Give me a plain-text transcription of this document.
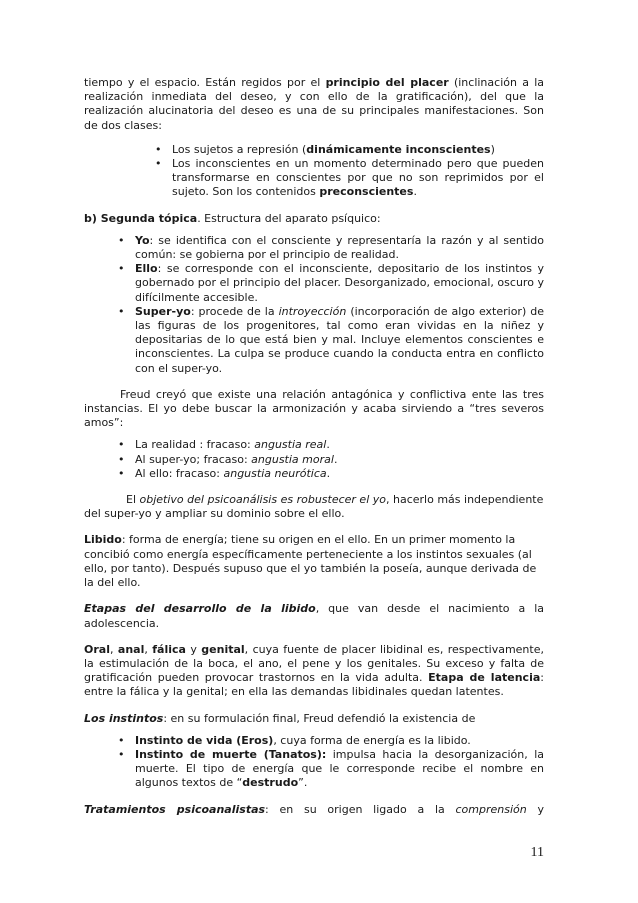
tiempo y el espacio. Están regidos por el principio del placer (inclinación a la realización inmediata del deseo, y con ello de la gratificación), del que la realización alucinatoria del deseo es una de su principales manifestaciones. Son de dos clases:

• Los sujetos a represión (dinámicamente inconscientes)
• Los inconscientes en un momento determinado pero que pueden transformarse en conscientes por que no son reprimidos por el sujeto. Son los contenidos preconscientes.

b) Segunda tópica. Estructura del aparato psíquico:

• Yo: se identifica con el consciente y representaría la razón y al sentido común: se gobierna por el principio de realidad.
• Ello: se corresponde con el inconsciente, depositario de los instintos y gobernado por el principio del placer. Desorganizado, emocional, oscuro y difícilmente accesible.
• Super-yo: procede de la introyección (incorporación de algo exterior) de las figuras de los progenitores, tal como eran vividas en la niñez y depositarias de lo que está bien y mal. Incluye elementos conscientes e inconscientes. La culpa se produce cuando la conducta entra en conflicto con el super-yo.

Freud creyó que existe una relación antagónica y conflictiva ente las tres instancias. El yo debe buscar la armonización y acaba sirviendo a “tres severos amos”:

• La realidad : fracaso: angustia real.
• Al super-yo; fracaso: angustia moral.
• Al ello: fracaso: angustia neurótica.

El objetivo del psicoanálisis es robustecer el yo, hacerlo más independiente del super-yo y ampliar su dominio sobre el ello.

Libido: forma de energía; tiene su origen en el ello. En un primer momento la concibió como energía específicamente perteneciente a los instintos sexuales (al ello, por tanto). Después supuso que el yo también la poseía, aunque derivada de la del ello.

Etapas del desarrollo de la libido, que van desde el nacimiento a la adolescencia.

Oral, anal, fálica y genital, cuya fuente de placer libidinal es, respectivamente, la estimulación de la boca, el ano, el pene y los genitales. Su exceso y falta de gratificación pueden provocar trastornos en la vida adulta. Etapa de latencia: entre la fálica y la genital; en ella las demandas libidinales quedan latentes.

Los instintos: en su formulación final, Freud defendió la existencia de

• Instinto de vida (Eros), cuya forma de energía es la libido.
• Instinto de muerte (Tanatos): impulsa hacia la desorganización, la muerte. El tipo de energía que le corresponde recibe el nombre en algunos textos de “destrudo”.

Tratamientos psicoanalistas: en su origen ligado a la comprensión y

11
